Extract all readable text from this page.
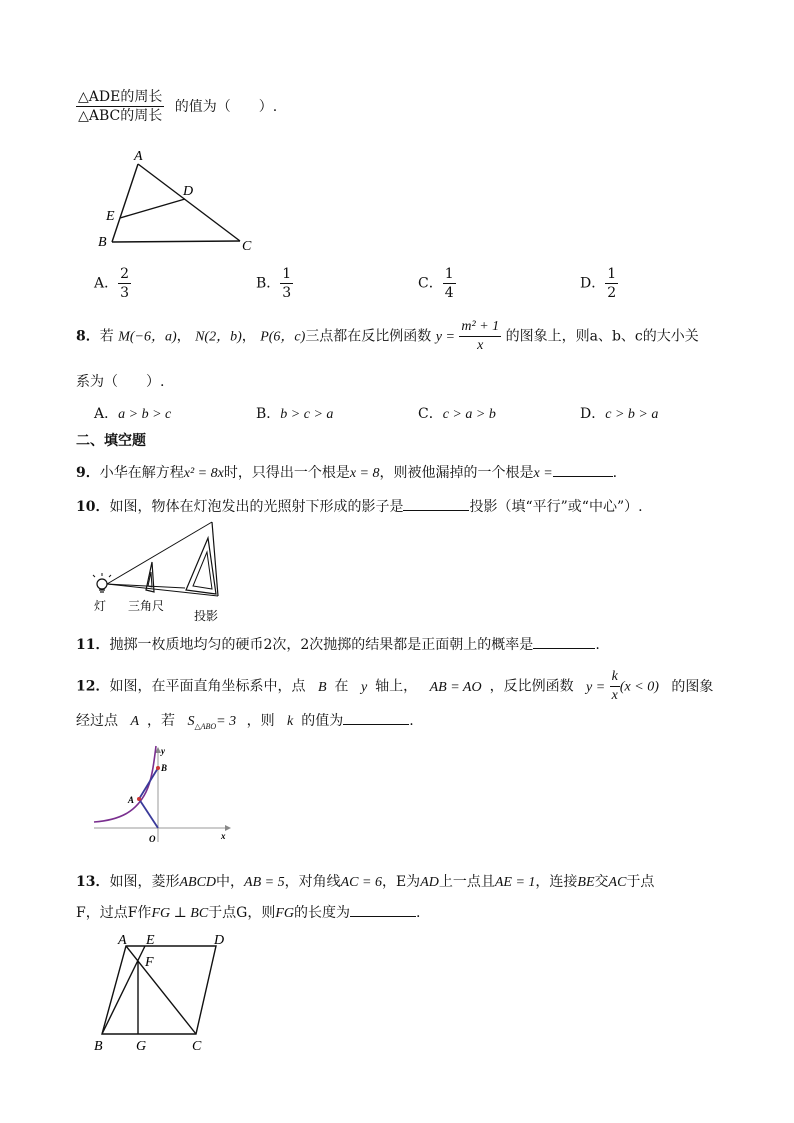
$\frac{\text{△ADE的周长}}{\text{△ABC的周长}}$ 的值为（　　）.
A
D
E
B	C
A． $\frac{2}{3}$	B． $\frac{1}{3}$	C． $\frac{1}{4}$	D． $\frac{1}{2}$
8．若 M(−6，a)， N(2，b)， P(6，c)三点都在反比例函数 $y = \frac{\text{m² + 1}}{x}$ 的图象上，则a、b、c的大小关
系为（　　）.
A．a > b > c	B．b > c > a	C．c > a > b	D．c > b > a
二、填空题
9．小华在解方程x² = 8x时，只得出一个根是x = 8，则被他漏掉的一个根是x =	.
10．如图，物体在灯泡发出的光照射下形成的影子是	投影（填“平行”或“中心”）.
灯 三角尺
投影
11．抛掷一枚质地均匀的硬币2次，2次抛掷的结果都是正面朝上的概率是	.
12．如图，在平面直角坐标系中，点 B 在 y 轴上， AB = AO ，反比例函数 $y = \frac{k}{x} (x < 0)$ 的图象
经过点 A ，若 $S_{\triangle ABO}= 3$ ，则 k 的值为	.
y
B
A
O	x
13．如图，菱形ABCD中，AB = 5，对角线AC = 6，E为AD上一点且AE = 1，连接BE交AC于点
F，过点F作FG ⊥ BC于点G，则FG的长度为	.
A E	D
F
B G	C
